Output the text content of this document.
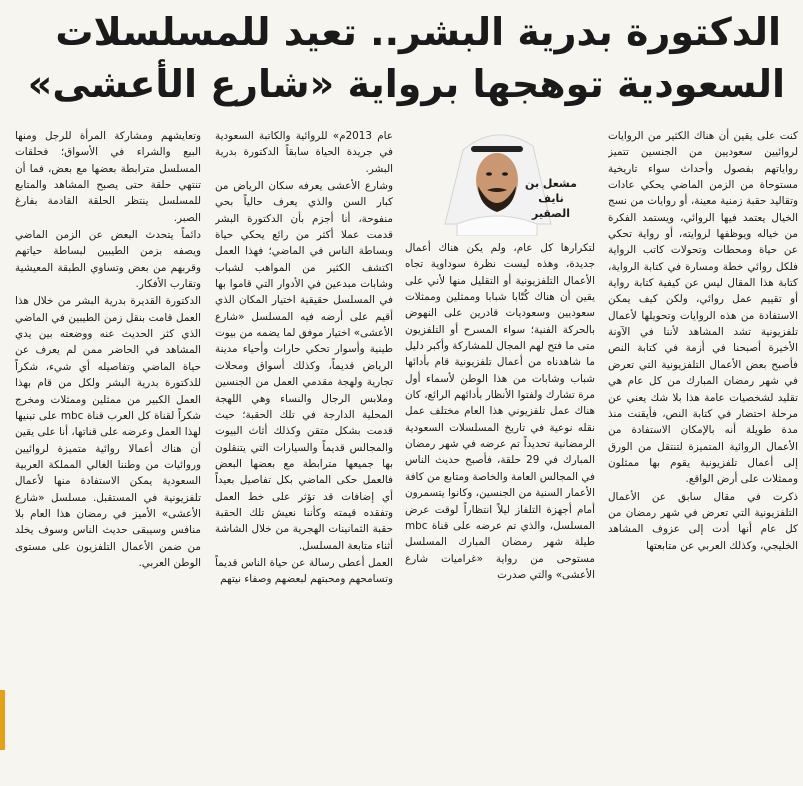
الدكتورة بدرية البشر.. تعيد للمسلسلات

السعودية توهجها برواية «شارع الأعشى»

كنت على يقين أن هناك الكثير من الروايات لروائيين سعوديين من الجنسين تتميز رواياتهم بفصول وأحداث سواء تاريخية مستوحاة من الزمن الماضي يحكي عادات وتقاليد حقبة زمنية معينة، أو روايات من نسج الخيال يعتمد فيها الروائي، ويستمد الفكرة من خياله ويوظفها لروايته، أو رواية تحكي عن حياة ومحطات وتحولات كاتب الرواية فلكل روائي خطة ومسارة في كتابة الرواية، كتابة هذا المقال ليس عن كيفية كتابة رواية أو تقييم عمل روائي، ولكن كيف يمكن الاستفادة من هذه الروايات وتحويلها لأعمال تلفزيونية تشد المشاهد لأننا في الآونة الأخيرة أصبحنا في أزمة في كتابة النص فأصبح بعض الأعمال التلفزيونية التي تعرض في شهر رمضان المبارك من كل عام هي تقليد لشخصيات عامة هذا بلا شك يعني عن مرحلة احتضار في كتابة النص، فأيقنت منذ مدة طويلة أنه بالإمكان الاستفادة من الأعمال الروائية المتميزة لتنتقل من الورق إلى أعمال تلفزيونية يقوم بها ممثلون وممثلات على أرض الواقع.

ذكرت في مقال سابق عن الأعمال التلفزيونية التي تعرض في شهر رمضان من كل عام أنها أدت إلى عزوف المشاهد الخليجي، وكذلك العربي عن متابعتها

مشعل بن نايف
الصقير

لتكرارها كل عام، ولم يكن هناك أعمال جديدة، وهذه ليست نظرة سوداوية تجاه الأعمال التلفزيونية أو التقليل منها لأني على يقين أن هناك كُتّابا شبابا وممثلين وممثلات سعوديين وسعوديات قادرين على النهوض بالحركة الفنية؛ سواء المسرح أو التلفزيون متى ما فتح لهم المجال للمشاركة وأكبر دليل ما شاهدناه من أعمال تلفزيونية قام بأدائها شباب وشابات من هذا الوطن لأسماء أول مرة تشارك ولفتوا الأنظار بأدائهم الرائع، كان هناك عمل تلفزيوني هذا العام مختلف عمل نقله نوعية في تاريخ المسلسلات السعودية الرمضانية تحديداً تم عرضه في شهر رمضان المبارك في 29 حلقة، فأصبح حديث الناس في المجالس العامة والخاصة ومتابع من كافة الأعمار السنية من الجنسين، وكانوا يتسمرون أمام أجهزة التلفاز ليلاً انتظاراً لوقت عرض المسلسل، والذي تم عرضه على قناة mbc طيلة شهر رمضان المبارك المسلسل مستوحى من رواية «غراميات شارع الأعشى» والتي صدرت

عام 2013م» للروائية والكاتبة السعودية في جريدة الحياة سابقاً الدكتورة بدرية البشر.

وشارع الأعشى يعرفه سكان الرياض من كبار السن والذي يعرف حالياً بحي منفوحة، أنا أجزم بأن الدكتورة البشر قدمت عملا أكثر من رائع يحكي حياة وبساطة الناس في الماضي؛ فهذا العمل اكتشف الكثير من المواهب لشباب وشابات مبدعين في الأدوار التي قاموا بها في المسلسل حقيقية اختيار المكان الذي أقيم على أرضه فيه المسلسل «شارع الأعشى» اختيار موفق لما يضمه من بيوت طينية وأسوار تحكي حارات وأحياء مدينة الرياض قديماً، وكذلك أسواق ومحلات تجارية ولهجة مقدمي العمل من الجنسين وملابس الرجال والنساء وهي اللهجة المحلية الدارجة في تلك الحقبة؛ حيث قدمت بشكل متقن وكذلك أثاث البيوت والمجالس قديماً والسيارات التي يتنقلون بها جميعها مترابطة مع بعضها البعض فالعمل حكى الماضي بكل تفاصيل بعيداً أي إضافات قد تؤثر على خط العمل وتفقده قيمته وكأننا نعيش تلك الحقبة حقبة الثمانينات الهجرية من خلال الشاشة أثناء متابعة المسلسل.

العمل أعطى رسالة عن حياة الناس قديماً وتسامحهم ومحبتهم لبعضهم وصفاء نيتهم

وتعايشهم ومشاركة المرأة للرجل ومنها البيع والشراء في الأسواق؛ فحلقات المسلسل مترابطة بعضها مع بعض، فما أن تنتهي حلقة حتى يصبح المشاهد والمتابع للمسلسل ينتظر الحلقة القادمة بفارغ الصبر.

دائماً يتحدث البعض عن الزمن الماضي ويصفه بزمن الطيبين لبساطة حياتهم وقربهم من بعض وتساوي الطبقة المعيشية وتقارب الأفكار.

الدكتورة القديرة بدرية البشر من خلال هذا العمل قامت بنقل زمن الطيبين في الماضي الذي كثر الحديث عنه ووضعته بين يدي المشاهد في الحاضر ممن لم يعرف عن حياة الماضي وتفاصيله أي شيء، شكراً للدكتورة بدرية البشر ولكل من قام بهذا العمل الكبير من ممثلين وممثلات ومخرج شكراً لقناة كل العرب قناة mbc على تبنيها لهذا العمل وعرضه على قناتها، أنا على يقين أن هناك أعمالا روائية متميزة لروائيين وروائيات من وطننا الغالي المملكة العربية السعودية يمكن الاستفادة منها لأعمال تلفزيونية في المستقبل. مسلسل «شارع الأعشى» الأميز في رمضان هذا العام بلا منافس وسيبقى حديث الناس وسوف يخلد من ضمن الأعمال التلفزيون على مستوى الوطن العربي.
